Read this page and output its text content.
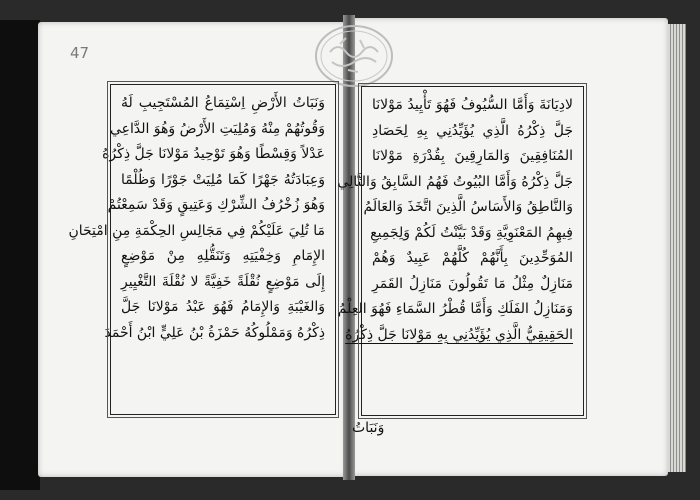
47
وَنَبَاتُ الأَرْضِ اِسْتِمَاعُ المُسْتَجِيبِ لَهُ
وَقُوتُهُمْ مِنْهُ وَمُلِيَتِ الأَرْضُ وَهُوَ الدَّاعِي
عَدْلاً وَقِسْطًا وَهُوَ تَوْحِيدُ مَوْلانَا جَلَّ ذِكْرُهُ
وَعِبَادَتُهُ جَهْرًا كَمَا مُلِيَتْ جَوْرًا وَظُلْمًا
وَهُوَ زُخْرُفُ الشِّرْكِ وَعَتِيقٍ وَقَدْ سَمِعْتُمْ
مَا تُلِيَ عَلَيْكُمْ فِي مَجَالِسِ الحِكْمَةِ مِنِ امْتِحَانِ
الإِمَامِ وَخِفْيَتِهِ وَتَنَقُّلِهِ مِنْ مَوْضِعٍ
إِلَى مَوْضِعٍ نُقْلَةً خَفِيَّةً لا نُقْلَةَ التَّغْيِيرِ
وَالغَيْبَةِ وَالإِمَامُ فَهُوَ عَبْدُ مَوْلانَا جَلَّ
ذِكْرُهُ وَمَمْلُوكُهُ حَمْزَةُ بْنُ عَلِيٍّ ابْنُ أَحْمَدَ
لادِيَانَةَ وَأَمَّا السُّيُوفُ فَهُوَ تَأْيِيدُ مَوْلانَا
جَلَّ ذِكْرُهُ الَّذِي يُؤَيِّدُنِي بِهِ لِحَصَادِ
المُنَافِقِينَ وَالمَارِقِينَ بِقُدْرَةِ مَوْلانَا
جَلَّ ذِكْرُهُ وَأَمَّا البُيُوتُ فَهُمُ السَّابِقُ وَالتَّالِي
وَالنَّاطِقُ وَالأَسَاسُ الَّذِينَ اتَّخَذَ وَالعَالَمُ
فِيهِمُ المَعْنَوِيَّةِ وَقَدْ بَيَّنْتُ لَكُمْ وَلِجَمِيعِ
المُوَحِّدِينَ بِأَنَّهُمْ كُلَّهُمْ عَبِيدٌ وَهُمْ
مَنَازِلٌ مِثْلُ مَا تَقُولُونَ مَنَازِلُ القَمَرِ
وَمَنَازِلُ الفَلَكِ وَأَمَّا قُطْرُ السَّمَاءِ فَهُوَ العِلْمُ
الحَقِيقِيُّ الَّذِي يُؤَيِّدُنِي بِهِ مَوْلانَا جَلَّ ذِكْرُهُ
وَنَبَاتُ
